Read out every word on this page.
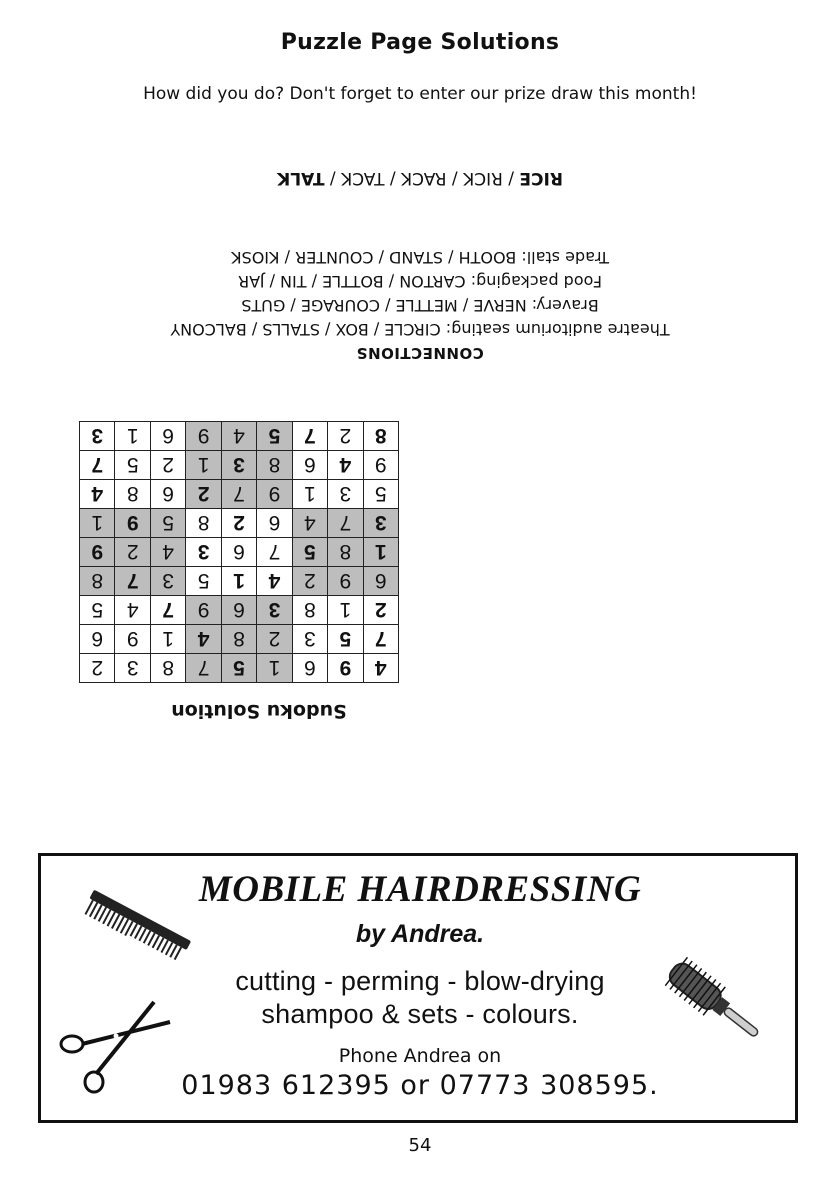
Puzzle Page Solutions
How did you do? Don't forget to enter our prize draw this month!
RICE / RICK / RACK / TACK / TALK
CONNECTIONS
Theatre auditorium seating: CIRCLE / BOX / STALLS / BALCONY
Bravery: NERVE / METTLE / COURAGE / GUTS
Food packaging: CARTON / BOTTLE / TIN / JAR
Trade stall: BOOTH / STAND / COUNTER / KIOSK
4	9	6	1	5	7	8	3	2
7	5	3	2	8	4	1	9	6
2	1	8	3	6	9	7	4	5
6	9	2	4	1	5	3	7	8
1	8	5	7	6	3	4	2	9
3	7	4	6	2	8	5	9	1
5	3	1	9	7	2	6	8	4
9	4	6	8	3	1	2	5	7
8	2	7	5	4	9	6	1	3
Sudoku Solution
MOBILE HAIRDRESSING
by Andrea.
cutting - perming - blow-drying
shampoo & sets - colours.
Phone Andrea on
01983 612395 or 07773 308595.
54
